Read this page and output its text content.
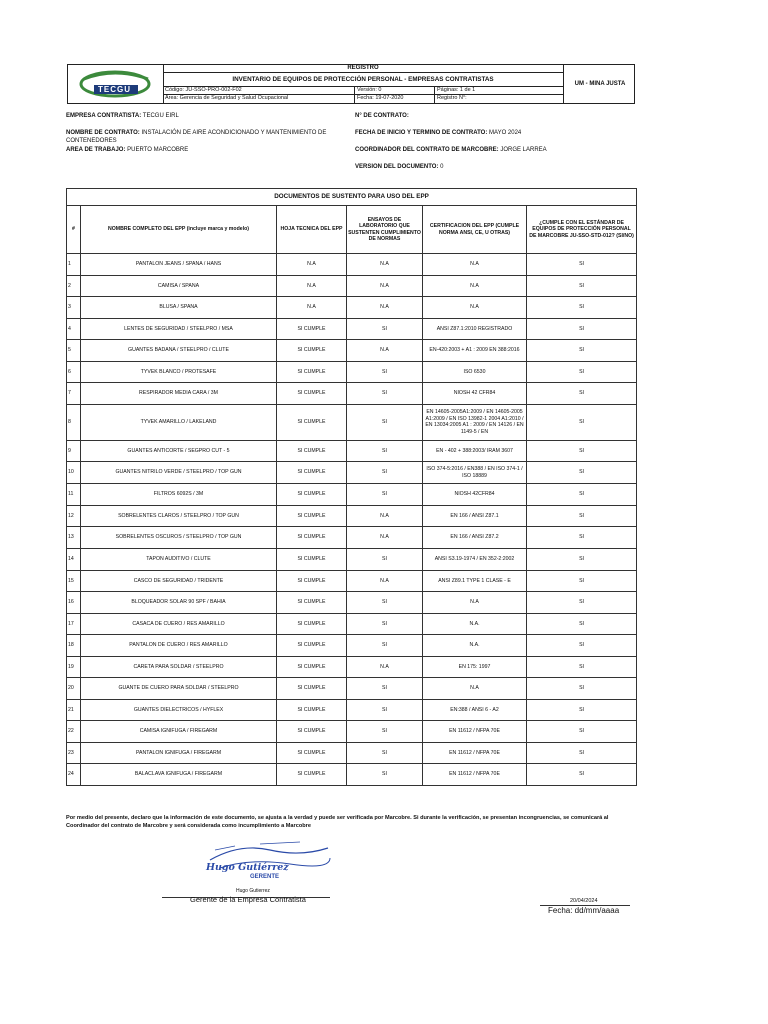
TECGU
REGISTRO
INVENTARIO DE EQUIPOS DE PROTECCIÓN PERSONAL - EMPRESAS CONTRATISTAS
Código: JU-SSO-PRO-002-F02	Versión: 0	Páginas: 1 de 1
Área: Gerencia de Seguridad y Salud Ocupacional	Fecha: 19-07-2020	Registro N°:
UM - MINA JUSTA
EMPRESA CONTRATISTA: TECGU EIRL	N° DE CONTRATO:
NOMBRE DE CONTRATO: INSTALACIÓN DE AIRE ACONDICIONADO Y MANTENIMIENTO DE CONTENEDORES
FECHA DE INICIO Y TERMINO DE CONTRATO: MAYO 2024
AREA DE TRABAJO: PUERTO MARCOBRE	COORDINADOR DEL CONTRATO DE MARCOBRE: JORGE LARREA
VERSION DEL DOCUMENTO: 0
DOCUMENTOS DE SUSTENTO PARA USO DEL EPP					
#	NOMBRE COMPLETO DEL EPP (incluye marca y modelo)	HOJA TECNICA DEL EPP	ENSAYOS DE LABORATORIO QUE SUSTENTEN CUMPLIMIENTO DE NORMAS	CERTIFICACION DEL EPP (CUMPLE NORMA ANSI, CE, U OTRAS)	¿CUMPLE CON EL ESTÁNDAR DE EQUIPOS DE PROTECCIÓN PERSONAL DE MARCOBRE JU-SSO-STD-012? (SI/NO)
1	PANTALON JEANS / SPANA / HANS	N.A	N.A	N.A	SI
2	CAMISA / SPANA	N.A	N.A	N.A	SI
3	BLUSA / SPANA	N.A	N.A	N.A	SI
4	LENTES DE SEGURIDAD / STEELPRO / MSA	SI CUMPLE	SI	ANSI Z87.1:2010 REGISTRADO	SI
5	GUANTES BADANA / STEELPRO / CLUTE	SI CUMPLE	N.A	EN-420:2003 + A1 : 2009 EN 388:2016	SI
6	TYVEK BLANCO / PROTESAFE	SI CUMPLE	SI	ISO 6530	SI
7	RESPIRADOR MEDIA CARA / 3M	SI CUMPLE	SI	NIOSH 42 CFR84	SI
8	TYVEK AMARILLO / LAKELAND	SI CUMPLE	SI	EN 14605-2005A1:2009 / EN 14605-2005 A1:2009 / EN ISO 13982-1 2004 A1:2010 / EN 13034:2005 A1 : 2009 / EN 14126 / EN 1149-5 / EN	SI
9	GUANTES ANTICORTE / SEGPRO CUT - 5	SI CUMPLE	SI	EN - 402 + 388:2003/ IRAM 3607	SI
10	GUANTES NITRILO VERDE / STEELPRO / TOP GUN	SI CUMPLE	SI	ISO 374-5:2016 / EN388 / EN ISO 374-1 / ISO 18889	SI
11	FILTROS 6092S / 3M	SI CUMPLE	SI	NIOSH 42CFR84	SI
12	SOBRELENTES CLAROS / STEELPRO / TOP GUN	SI CUMPLE	N.A	EN 166 / ANSI Z87.1	SI
13	SOBRELENTES OSCUROS / STEELPRO / TOP GUN	SI CUMPLE	N.A	EN 166 / ANSI Z87.2	SI
14	TAPON AUDITIVO / CLUTE	SI CUMPLE	SI	ANSI S3.19-1974 / EN 352-2:2002	SI
15	CASCO DE SEGURIDAD / TRIDENTE	SI CUMPLE	N.A	ANSI Z89.1 TYPE 1 CLASE - E	SI
16	BLOQUEADOR SOLAR 90 SPF / BAHIA	SI CUMPLE	SI	N.A	SI
17	CASACA DE CUERO / RES AMARILLO	SI CUMPLE	SI	N.A.	SI
18	PANTALON DE CUERO / RES AMARILLO	SI CUMPLE	SI	N.A.	SI
19	CARETA PARA SOLDAR / STEELPRO	SI CUMPLE	N.A	EN 175: 1997	SI
20	GUANTE DE CUERO PARA SOLDAR / STEELPRO	SI CUMPLE	SI	N.A	SI
21	GUANTES DIELECTRICOS / HYFLEX	SI CUMPLE	SI	EN:388 / ANSI 6 - A2	SI
22	CAMISA IGNIFUGA / FIREGARM	SI CUMPLE	SI	EN 11612 / NFPA 70E	SI
23	PANTALON IGNIFUGA / FIREGARM	SI CUMPLE	SI	EN 11612 / NFPA 70E	SI
24	BALACLAVA IGNIFUGA / FIREGARM	SI CUMPLE	SI	EN 11612 / NFPA 70E	SI
Por medio del presente, declaro que la información de este documento, se ajusta a la verdad y puede ser verificada por Marcobre. Si durante la verificación, se presentan incongruencias, se comunicará al Coordinador del contrato de Marcobre y será considerada como incumplimiento a Marcobre
Hugo Gutiérrez
GERENTE
Hugo Gutierrez
Gerente de la Empresa Contratista	20/04/2024
Fecha: dd/mm/aaaa
